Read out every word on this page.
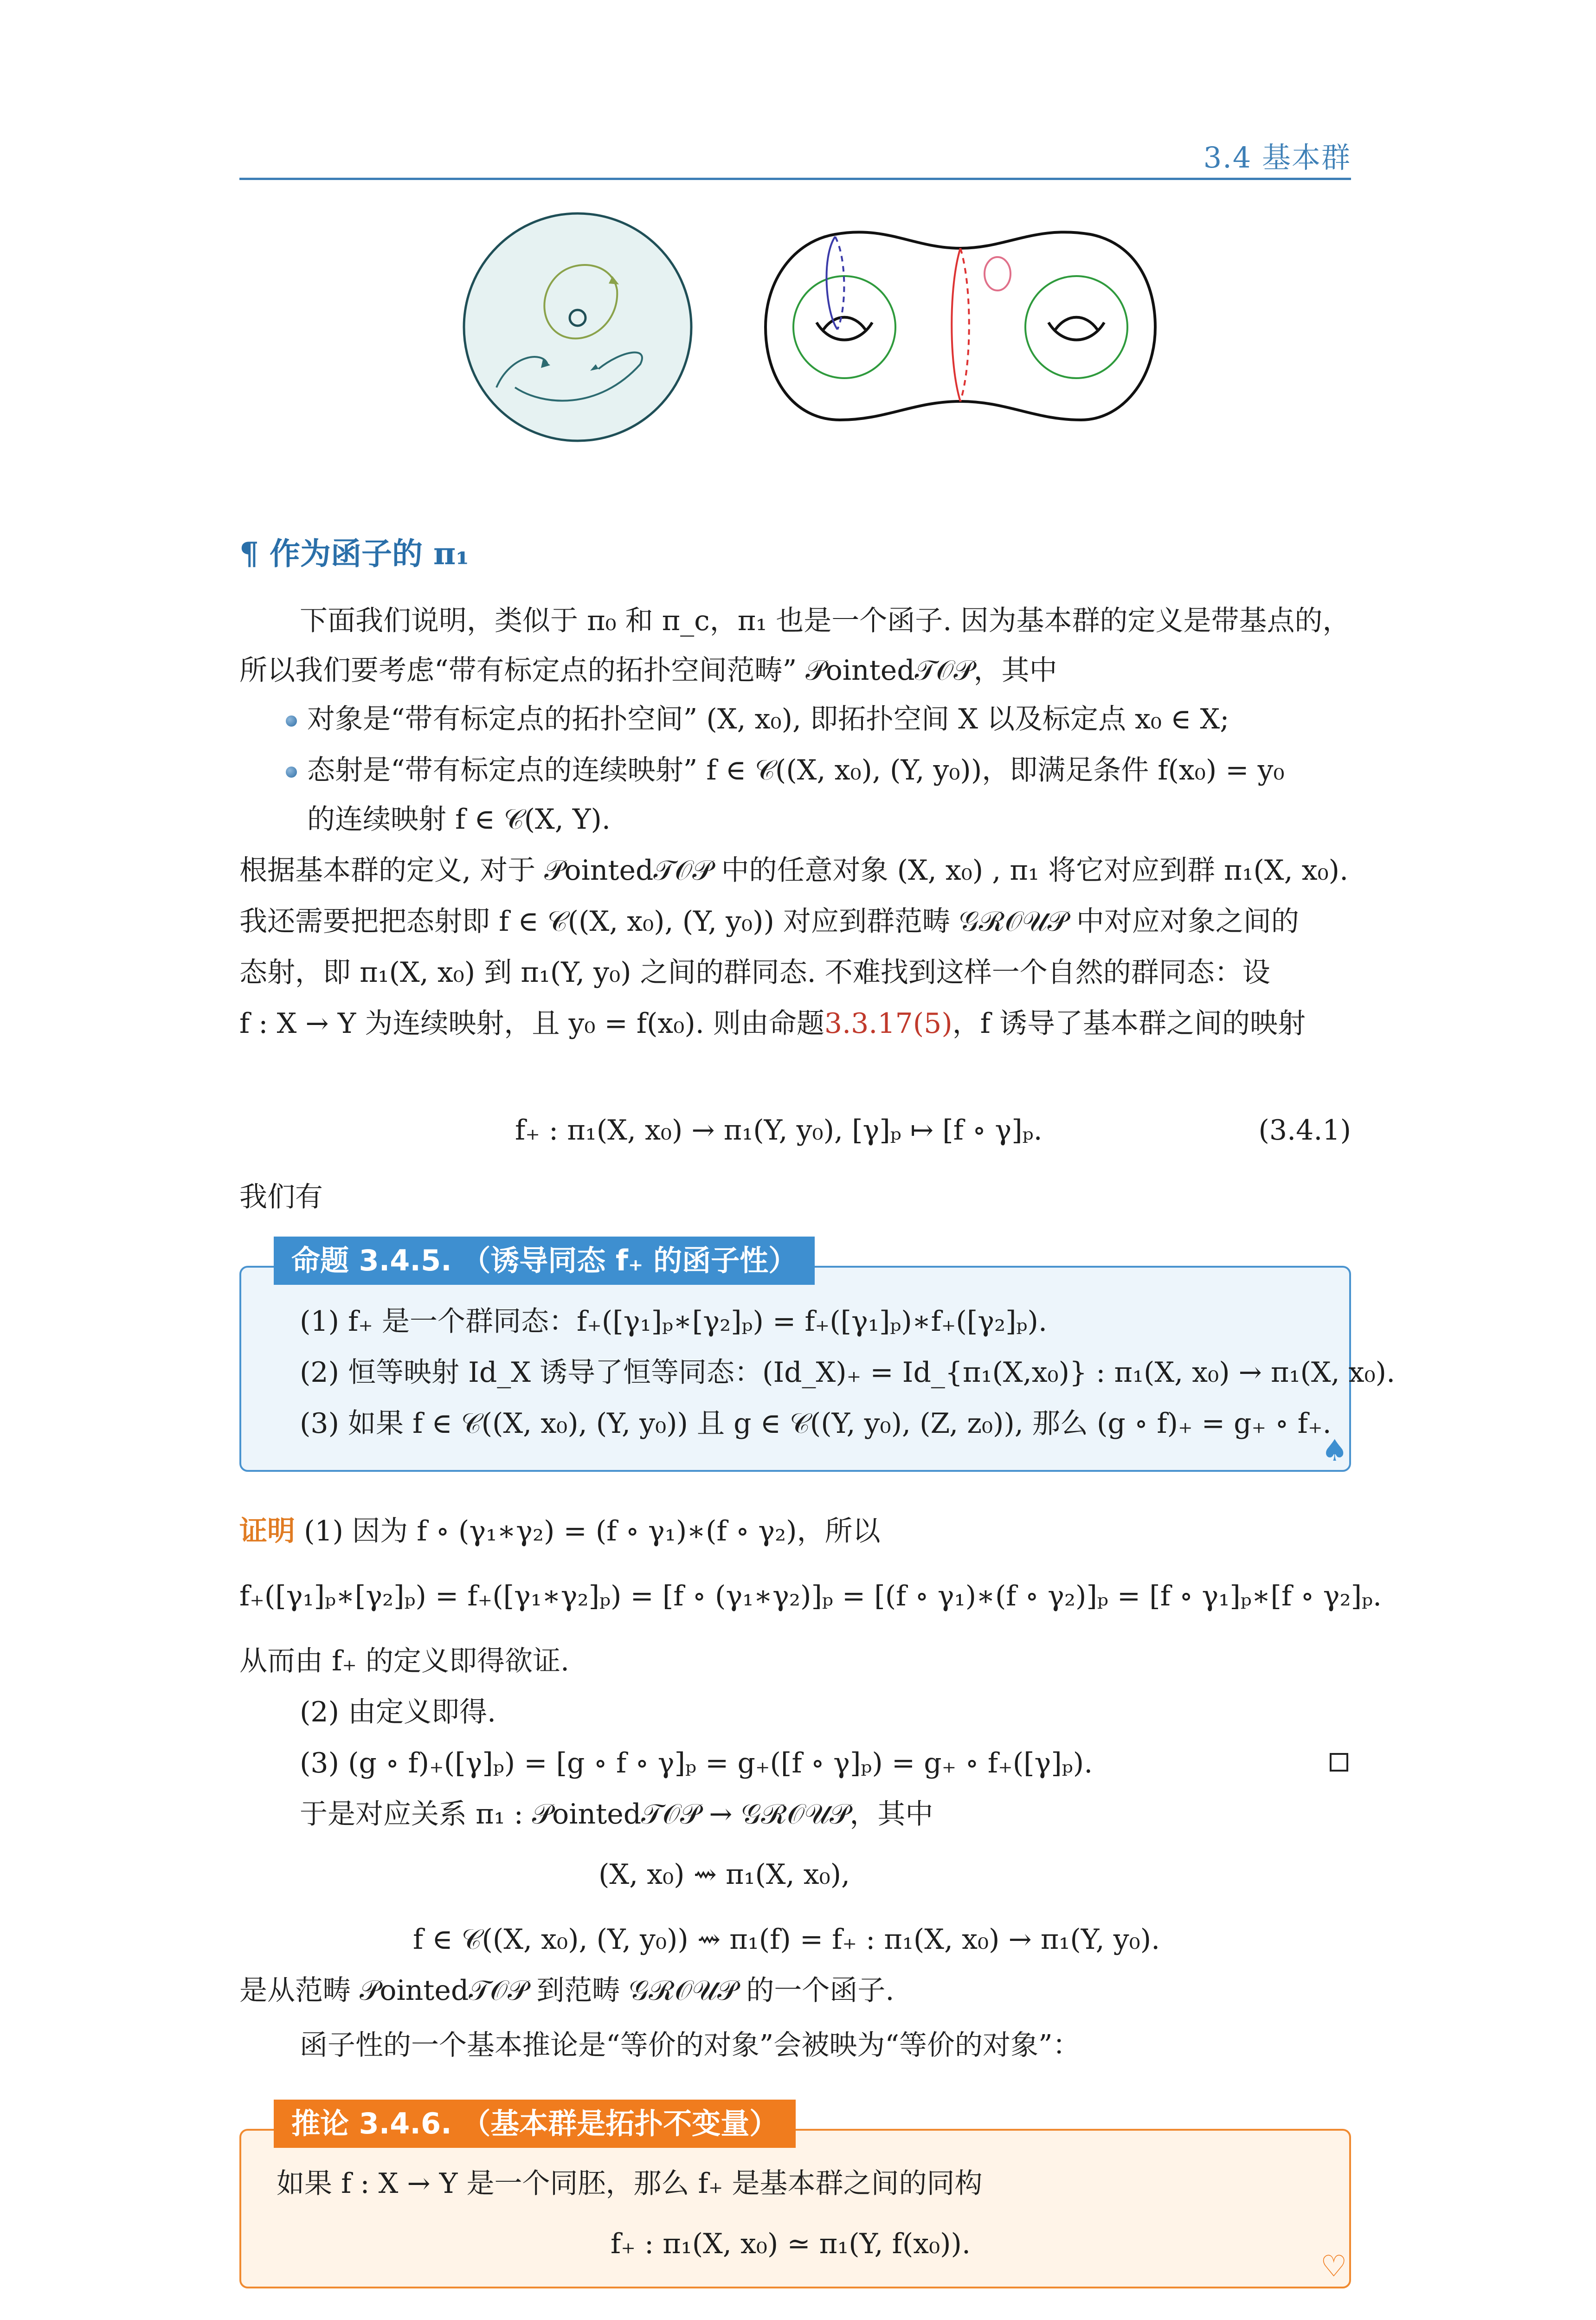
3.4 基本群
¶ 作为函子的 π₁
下面我们说明，类似于 π₀ 和 π_c，π₁ 也是一个函子. 因为基本群的定义是带基点的，
所以我们要考虑“带有标定点的拓扑空间范畴” 𝒫ointed𝒯𝒪𝒫，其中
对象是“带有标定点的拓扑空间” (X, x₀), 即拓扑空间 X 以及标定点 x₀ ∈ X;
态射是“带有标定点的连续映射” f ∈ 𝒞((X, x₀), (Y, y₀))，即满足条件 f(x₀) = y₀
的连续映射 f ∈ 𝒞(X, Y).
根据基本群的定义, 对于 𝒫ointed𝒯𝒪𝒫 中的任意对象 (X, x₀) , π₁ 将它对应到群 π₁(X, x₀).
我还需要把把态射即 f ∈ 𝒞((X, x₀), (Y, y₀)) 对应到群范畴 𝒢ℛ𝒪𝒰𝒫 中对应对象之间的
态射，即 π₁(X, x₀) 到 π₁(Y, y₀) 之间的群同态. 不难找到这样一个自然的群同态：设
f : X → Y 为连续映射，且 y₀ = f(x₀). 则由命题3.3.17(5)，f 诱导了基本群之间的映射
f₊ : π₁(X, x₀) → π₁(Y, y₀), [γ]ₚ ↦ [f ∘ γ]ₚ.	(3.4.1)
我们有
命题 3.4.5. （诱导同态 f₊ 的函子性）
(1) f₊ 是一个群同态：f₊([γ₁]ₚ∗[γ₂]ₚ) = f₊([γ₁]ₚ)∗f₊([γ₂]ₚ).
(2) 恒等映射 Id_X 诱导了恒等同态：(Id_X)₊ = Id_{π₁(X,x₀)} : π₁(X, x₀) → π₁(X, x₀).
(3) 如果 f ∈ 𝒞((X, x₀), (Y, y₀)) 且 g ∈ 𝒞((Y, y₀), (Z, z₀)), 那么 (g ∘ f)₊ = g₊ ∘ f₊.
♠
证明 (1) 因为 f ∘ (γ₁∗γ₂) = (f ∘ γ₁)∗(f ∘ γ₂)，所以
f₊([γ₁]ₚ∗[γ₂]ₚ) = f₊([γ₁∗γ₂]ₚ) = [f ∘ (γ₁∗γ₂)]ₚ = [(f ∘ γ₁)∗(f ∘ γ₂)]ₚ = [f ∘ γ₁]ₚ∗[f ∘ γ₂]ₚ.
从而由 f₊ 的定义即得欲证.
(2) 由定义即得.
(3) (g ∘ f)₊([γ]ₚ) = [g ∘ f ∘ γ]ₚ = g₊([f ∘ γ]ₚ) = g₊ ∘ f₊([γ]ₚ).
于是对应关系 π₁ : 𝒫ointed𝒯𝒪𝒫 → 𝒢ℛ𝒪𝒰𝒫，其中
(X, x₀) ⇝ π₁(X, x₀),
f ∈ 𝒞((X, x₀), (Y, y₀)) ⇝ π₁(f) = f₊ : π₁(X, x₀) → π₁(Y, y₀).
是从范畴 𝒫ointed𝒯𝒪𝒫 到范畴 𝒢ℛ𝒪𝒰𝒫 的一个函子.
函子性的一个基本推论是“等价的对象”会被映为“等价的对象”：
推论 3.4.6. （基本群是拓扑不变量）
如果 f : X → Y 是一个同胚，那么 f₊ 是基本群之间的同构
f₊ : π₁(X, x₀) ≃ π₁(Y, f(x₀)).
♡
